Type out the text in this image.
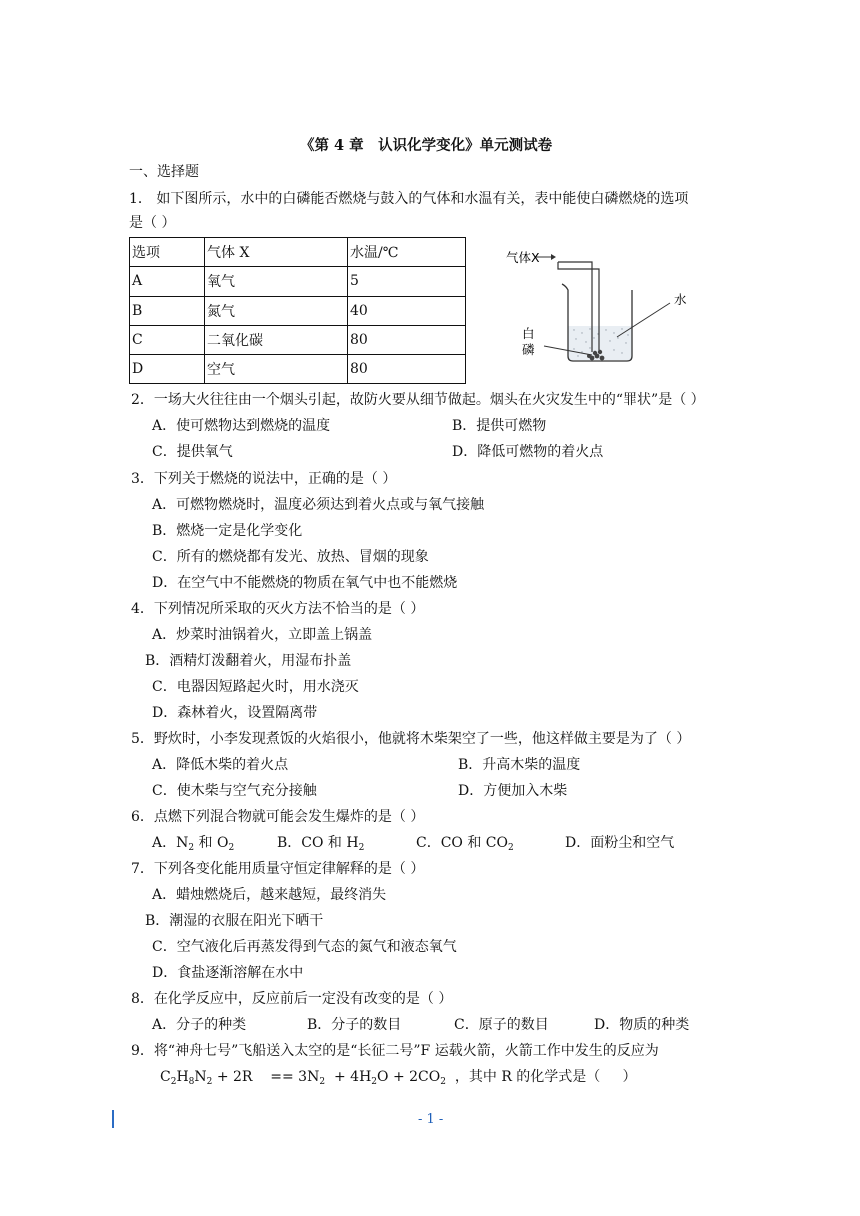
《第 4 章　认识化学变化》单元测试卷
一、选择题
1． 如下图所示，水中的白磷能否燃烧与鼓入的气体和水温有关，表中能使白磷燃烧的选项
是（ ）
选项	气体 X	水温/℃
A	氧气	5
B	氮气	40
C	二氧化碳	80
D	空气	80
气体X
水
白
磷
2．一场大火往往由一个烟头引起，故防火要从细节做起。烟头在火灾发生中的“罪状”是（ ）
A．使可燃物达到燃烧的温度	B．提供可燃物
C．提供氧气	D．降低可燃物的着火点
3．下列关于燃烧的说法中，正确的是（ ）
A．可燃物燃烧时，温度必须达到着火点或与氧气接触
B．燃烧一定是化学变化
C．所有的燃烧都有发光、放热、冒烟的现象
D．在空气中不能燃烧的物质在氧气中也不能燃烧
4．下列情况所采取的灭火方法不恰当的是（ ）
A．炒菜时油锅着火，立即盖上锅盖
B．酒精灯泼翻着火，用湿布扑盖
C．电器因短路起火时，用水浇灭
D．森林着火，设置隔离带
5．野炊时，小李发现煮饭的火焰很小，他就将木柴架空了一些，他这样做主要是为了（ ）
A．降低木柴的着火点	B．升高木柴的温度
C．使木柴与空气充分接触	D．方便加入木柴
6．点燃下列混合物就可能会发生爆炸的是（ ）
A．$N_2$ 和 $O_2$	B．CO 和 $H_2$	C．CO 和 $CO_2$	D．面粉尘和空气
7．下列各变化能用质量守恒定律解释的是（ ）
A．蜡烛燃烧后，越来越短，最终消失
B．潮湿的衣服在阳光下晒干
C．空气液化后再蒸发得到气态的氮气和液态氧气
D．食盐逐渐溶解在水中
8．在化学反应中，反应前后一定没有改变的是（ ）
A．分子的种类	B．分子的数目	C．原子的数目	D．物质的种类
9．将“神舟七号”飞船送入太空的是“长征二号”F 运载火箭，火箭工作中发生的反应为
$C_2H_8N_2 + 2R$    == $3N_2 + 4H_2O + 2CO_2$  ，其中 R 的化学式是（     ）
- 1 -
